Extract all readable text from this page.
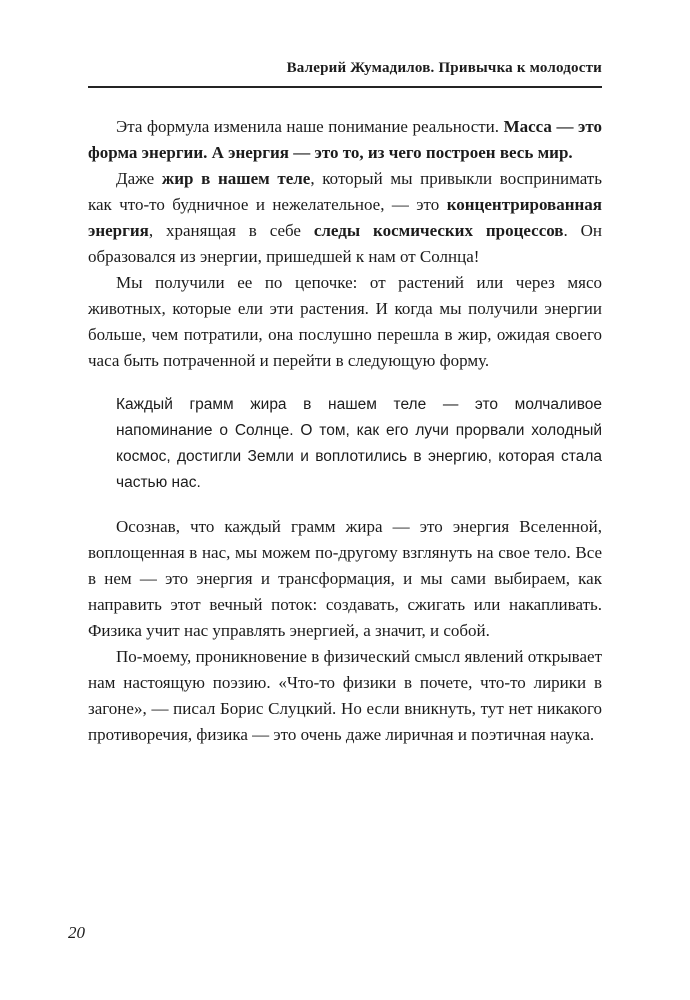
Валерий Жумадилов. Привычка к молодости

Эта формула изменила наше понимание реальности. Масса — это форма энергии. А энергия — это то, из чего построен весь мир.

Даже жир в нашем теле, который мы привыкли воспринимать как что-то будничное и нежелательное, — это концентрированная энергия, хранящая в себе следы космических процессов. Он образовался из энергии, пришедшей к нам от Солнца!

Мы получили ее по цепочке: от растений или через мясо животных, которые ели эти растения. И когда мы получили энергии больше, чем потратили, она послушно перешла в жир, ожидая своего часа быть потраченной и перейти в следующую форму.

Каждый грамм жира в нашем теле — это молчаливое напоминание о Солнце. О том, как его лучи прорвали холодный космос, достигли Земли и воплотились в энергию, которая стала частью нас.

Осознав, что каждый грамм жира — это энергия Вселенной, воплощенная в нас, мы можем по-другому взглянуть на свое тело. Все в нем — это энергия и трансформация, и мы сами выбираем, как направить этот вечный поток: создавать, сжигать или накапливать. Физика учит нас управлять энергией, а значит, и собой.

По-моему, проникновение в физический смысл явлений открывает нам настоящую поэзию. «Что-то физики в почете, что-то лирики в загоне», — писал Борис Слуцкий. Но если вникнуть, тут нет никакого противоречия, физика — это очень даже лиричная и поэтичная наука.

20
